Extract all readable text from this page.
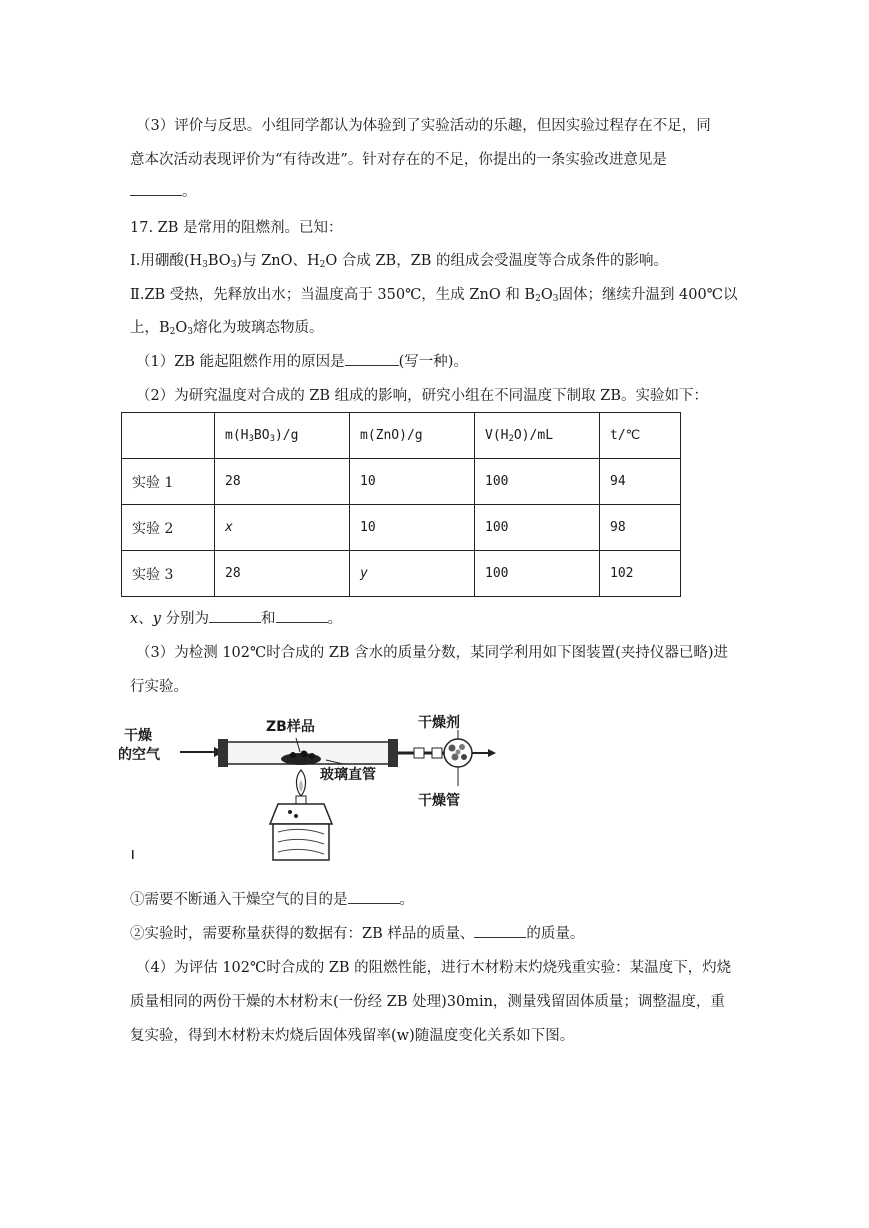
（3）评价与反思。小组同学都认为体验到了实验活动的乐趣，但因实验过程存在不足，同
意本次活动表现评价为“有待改进”。针对存在的不足，你提出的一条实验改进意见是
。
17. ZB 是常用的阻燃剂。已知：
I.用硼酸$(H_3BO_3)$与 ZnO、$H_2O$ 合成 ZB，ZB 的组成会受温度等合成条件的影响。
Ⅱ.ZB 受热，先释放出水；当温度高于 350℃，生成 ZnO 和 $B_2O_3$固体；继续升温到 400℃以
上，$B_2O_3$熔化为玻璃态物质。
（1）ZB 能起阻燃作用的原因是	(写一种)。
（2）为研究温度对合成的 ZB 组成的影响，研究小组在不同温度下制取 ZB。实验如下：
	$m(H_3BO_3)/g$	m(ZnO)/g	$V(H_2O)/mL$	t/℃
实验 1	28	10	100	94
实验 2	x	10	100	98
实验 3	28	y	100	102
x、y 分别为	和	。
（3）为检测 102℃时合成的 ZB 含水的质量分数，某同学利用如下图装置(夹持仪器已略)进
行实验。
干燥
的空气
ZB样品
玻璃直管
干燥剂
干燥管
①需要不断通入干燥空气的目的是	。
②实验时，需要称量获得的数据有：ZB 样品的质量、	的质量。
（4）为评估 102℃时合成的 ZB 的阻燃性能，进行木材粉末灼烧残重实验：某温度下，灼烧
质量相同的两份干燥的木材粉末(一份经 ZB 处理)30min，测量残留固体质量；调整温度，重
复实验，得到木材粉末灼烧后固体残留率(w)随温度变化关系如下图。
